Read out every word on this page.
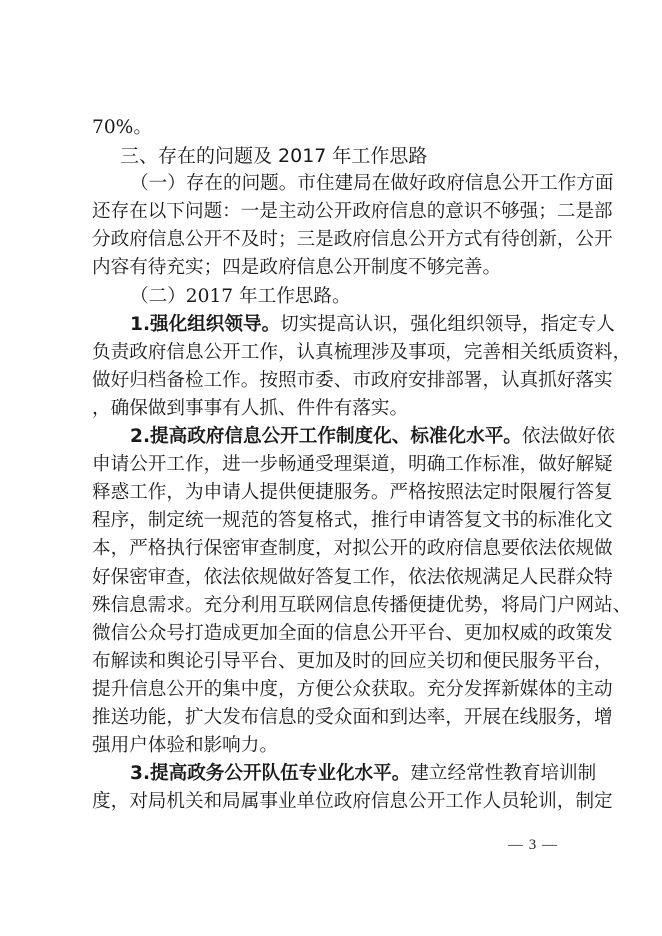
70%。
三、存在的问题及 2017 年工作思路
（一）存在的问题。市住建局在做好政府信息公开工作方面
还存在以下问题：一是主动公开政府信息的意识不够强；二是部
分政府信息公开不及时；三是政府信息公开方式有待创新，公开
内容有待充实；四是政府信息公开制度不够完善。
（二）2017 年工作思路。
1.强化组织领导。切实提高认识，强化组织领导，指定专人
负责政府信息公开工作，认真梳理涉及事项，完善相关纸质资料，
做好归档备检工作。按照市委、市政府安排部署，认真抓好落实
，确保做到事事有人抓、件件有落实。
2.提高政府信息公开工作制度化、标准化水平。依法做好依
申请公开工作，进一步畅通受理渠道，明确工作标准，做好解疑
释惑工作，为申请人提供便捷服务。严格按照法定时限履行答复
程序，制定统一规范的答复格式，推行申请答复文书的标准化文
本，严格执行保密审查制度，对拟公开的政府信息要依法依规做
好保密审查，依法依规做好答复工作，依法依规满足人民群众特
殊信息需求。充分利用互联网信息传播便捷优势，将局门户网站、
微信公众号打造成更加全面的信息公开平台、更加权威的政策发
布解读和舆论引导平台、更加及时的回应关切和便民服务平台，
提升信息公开的集中度，方便公众获取。充分发挥新媒体的主动
推送功能，扩大发布信息的受众面和到达率，开展在线服务，增
强用户体验和影响力。
3.提高政务公开队伍专业化水平。建立经常性教育培训制
度，对局机关和局属事业单位政府信息公开工作人员轮训，制定
— 3 —
